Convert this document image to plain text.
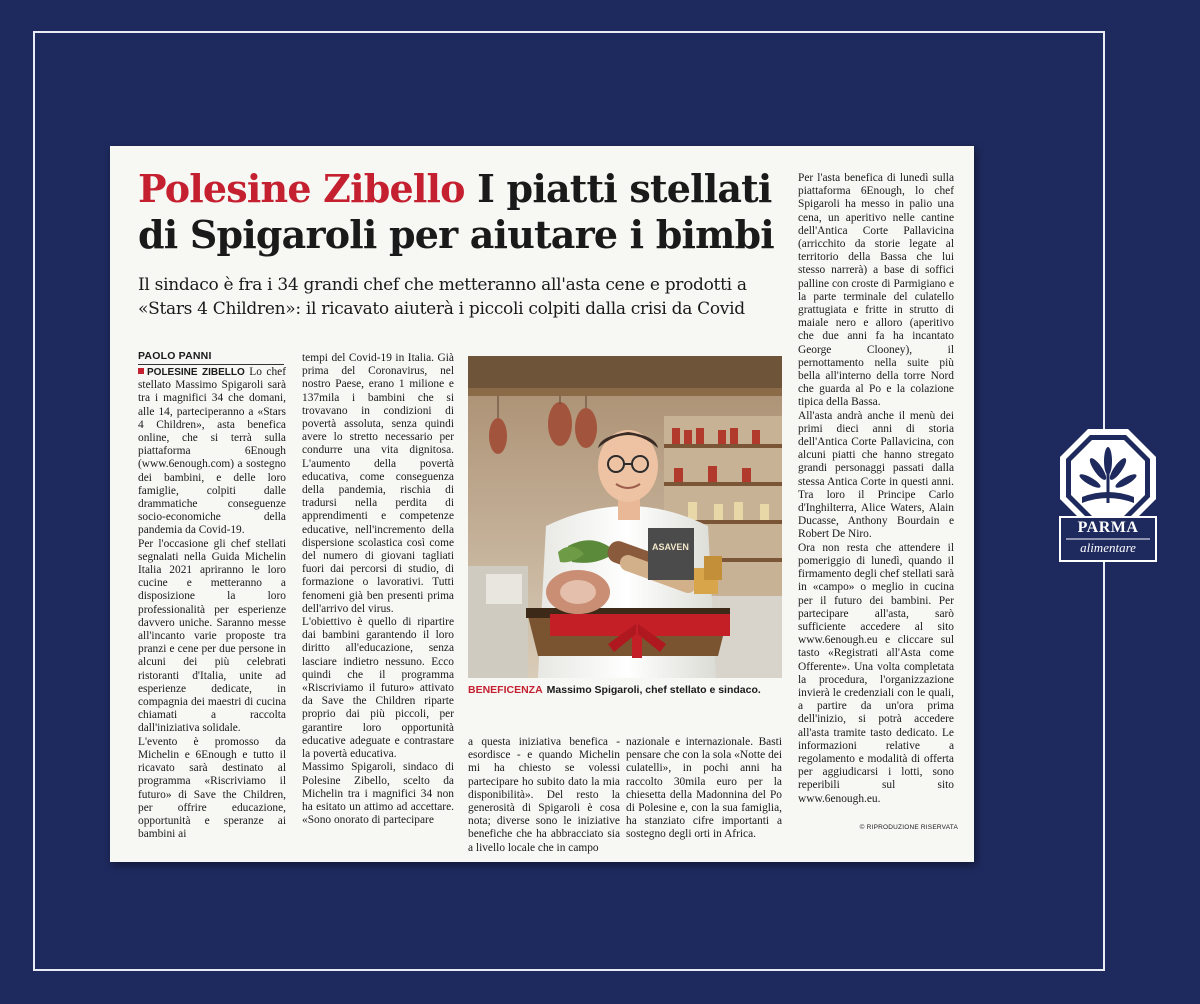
Polesine Zibello I piatti stellati di Spigaroli per aiutare i bimbi

Il sindaco è fra i 34 grandi chef che metteranno all'asta cene e prodotti a «Stars 4 Children»: il ricavato aiuterà i piccoli colpiti dalla crisi da Covid

PAOLO PANNI

POLESINE ZIBELLO Lo chef stellato Massimo Spigaroli sarà tra i magnifici 34 che domani, alle 14, parteciperanno a «Stars 4 Children», asta benefica online, che si terrà sulla piattaforma 6Enough (www.6enough.com) a sostegno dei bambini, e delle loro famiglie, colpiti dalle drammatiche conseguenze socio-economiche della pandemia da Covid-19.

Per l'occasione gli chef stellati segnalati nella Guida Michelin Italia 2021 apriranno le loro cucine e metteranno a disposizione la loro professionalità per esperienze davvero uniche. Saranno messe all'incanto varie proposte tra pranzi e cene per due persone in alcuni dei più celebrati ristoranti d'Italia, unite ad esperienze dedicate, in compagnia dei maestri di cucina chiamati a raccolta dall'iniziativa solidale.

L'evento è promosso da Michelin e 6Enough e tutto il ricavato sarà destinato al programma «Riscriviamo il futuro» di Save the Children, per offrire educazione, opportunità e speranze ai bambini ai

tempi del Covid-19 in Italia. Già prima del Coronavirus, nel nostro Paese, erano 1 milione e 137mila i bambini che si trovavano in condizioni di povertà assoluta, senza quindi avere lo stretto necessario per condurre una vita dignitosa. L'aumento della povertà educativa, come conseguenza della pandemia, rischia di tradursi nella perdita di apprendimenti e competenze educative, nell'incremento della dispersione scolastica così come del numero di giovani tagliati fuori dai percorsi di studio, di formazione o lavorativi. Tutti fenomeni già ben presenti prima dell'arrivo del virus.

L'obiettivo è quello di ripartire dai bambini garantendo il loro diritto all'educazione, senza lasciare indietro nessuno. Ecco quindi che il programma «Riscriviamo il futuro» attivato da Save the Children riparte proprio dai più piccoli, per garantire loro opportunità educative adeguate e contrastare la povertà educativa.

Massimo Spigaroli, sindaco di Polesine Zibello, scelto da Michelin tra i magnifici 34 non ha esitato un attimo ad accettare. «Sono onorato di partecipare

ASAVEN
BENEFICENZA Massimo Spigaroli, chef stellato e sindaco.

a questa iniziativa benefica - esordisce - e quando Michelin mi ha chiesto se volessi partecipare ho subito dato la mia disponibilità». Del resto la generosità di Spigaroli è cosa nota; diverse sono le iniziative benefiche che ha abbracciato sia a livello locale che in campo

nazionale e internazionale. Basti pensare che con la sola «Notte dei culatelli», in pochi anni ha raccolto 30mila euro per la chiesetta della Madonnina del Po di Polesine e, con la sua famiglia, ha stanziato cifre importanti a sostegno degli orti in Africa.

Per l'asta benefica di lunedì sulla piattaforma 6Enough, lo chef Spigaroli ha messo in palio una cena, un aperitivo nelle cantine dell'Antica Corte Pallavicina (arricchito da storie legate al territorio della Bassa che lui stesso narrerà) a base di soffici palline con croste di Parmigiano e la parte terminale del culatello grattugiata e fritte in strutto di maiale nero e alloro (aperitivo che due anni fa ha incantato George Clooney), il pernottamento nella suite più bella all'interno della torre Nord che guarda al Po e la colazione tipica della Bassa.

All'asta andrà anche il menù dei primi dieci anni di storia dell'Antica Corte Pallavicina, con alcuni piatti che hanno stregato grandi personaggi passati dalla stessa Antica Corte in questi anni. Tra loro il Principe Carlo d'Inghilterra, Alice Waters, Alain Ducasse, Anthony Bourdain e Robert De Niro.

Ora non resta che attendere il pomeriggio di lunedì, quando il firmamento degli chef stellati sarà in «campo» o meglio in cucina per il futuro dei bambini. Per partecipare all'asta, sarò sufficiente accedere al sito www.6enough.eu e cliccare sul tasto «Registrati all'Asta come Offerente». Una volta completata la procedura, l'organizzazione invierà le credenziali con le quali, a partire da un'ora prima dell'inizio, si potrà accedere all'asta tramite tasto dedicato. Le informazioni relative a regolamento e modalità di offerta per aggiudicarsi i lotti, sono reperibili sul sito www.6enough.eu.

© RIPRODUZIONE RISERVATA
PARMA
alimentare
